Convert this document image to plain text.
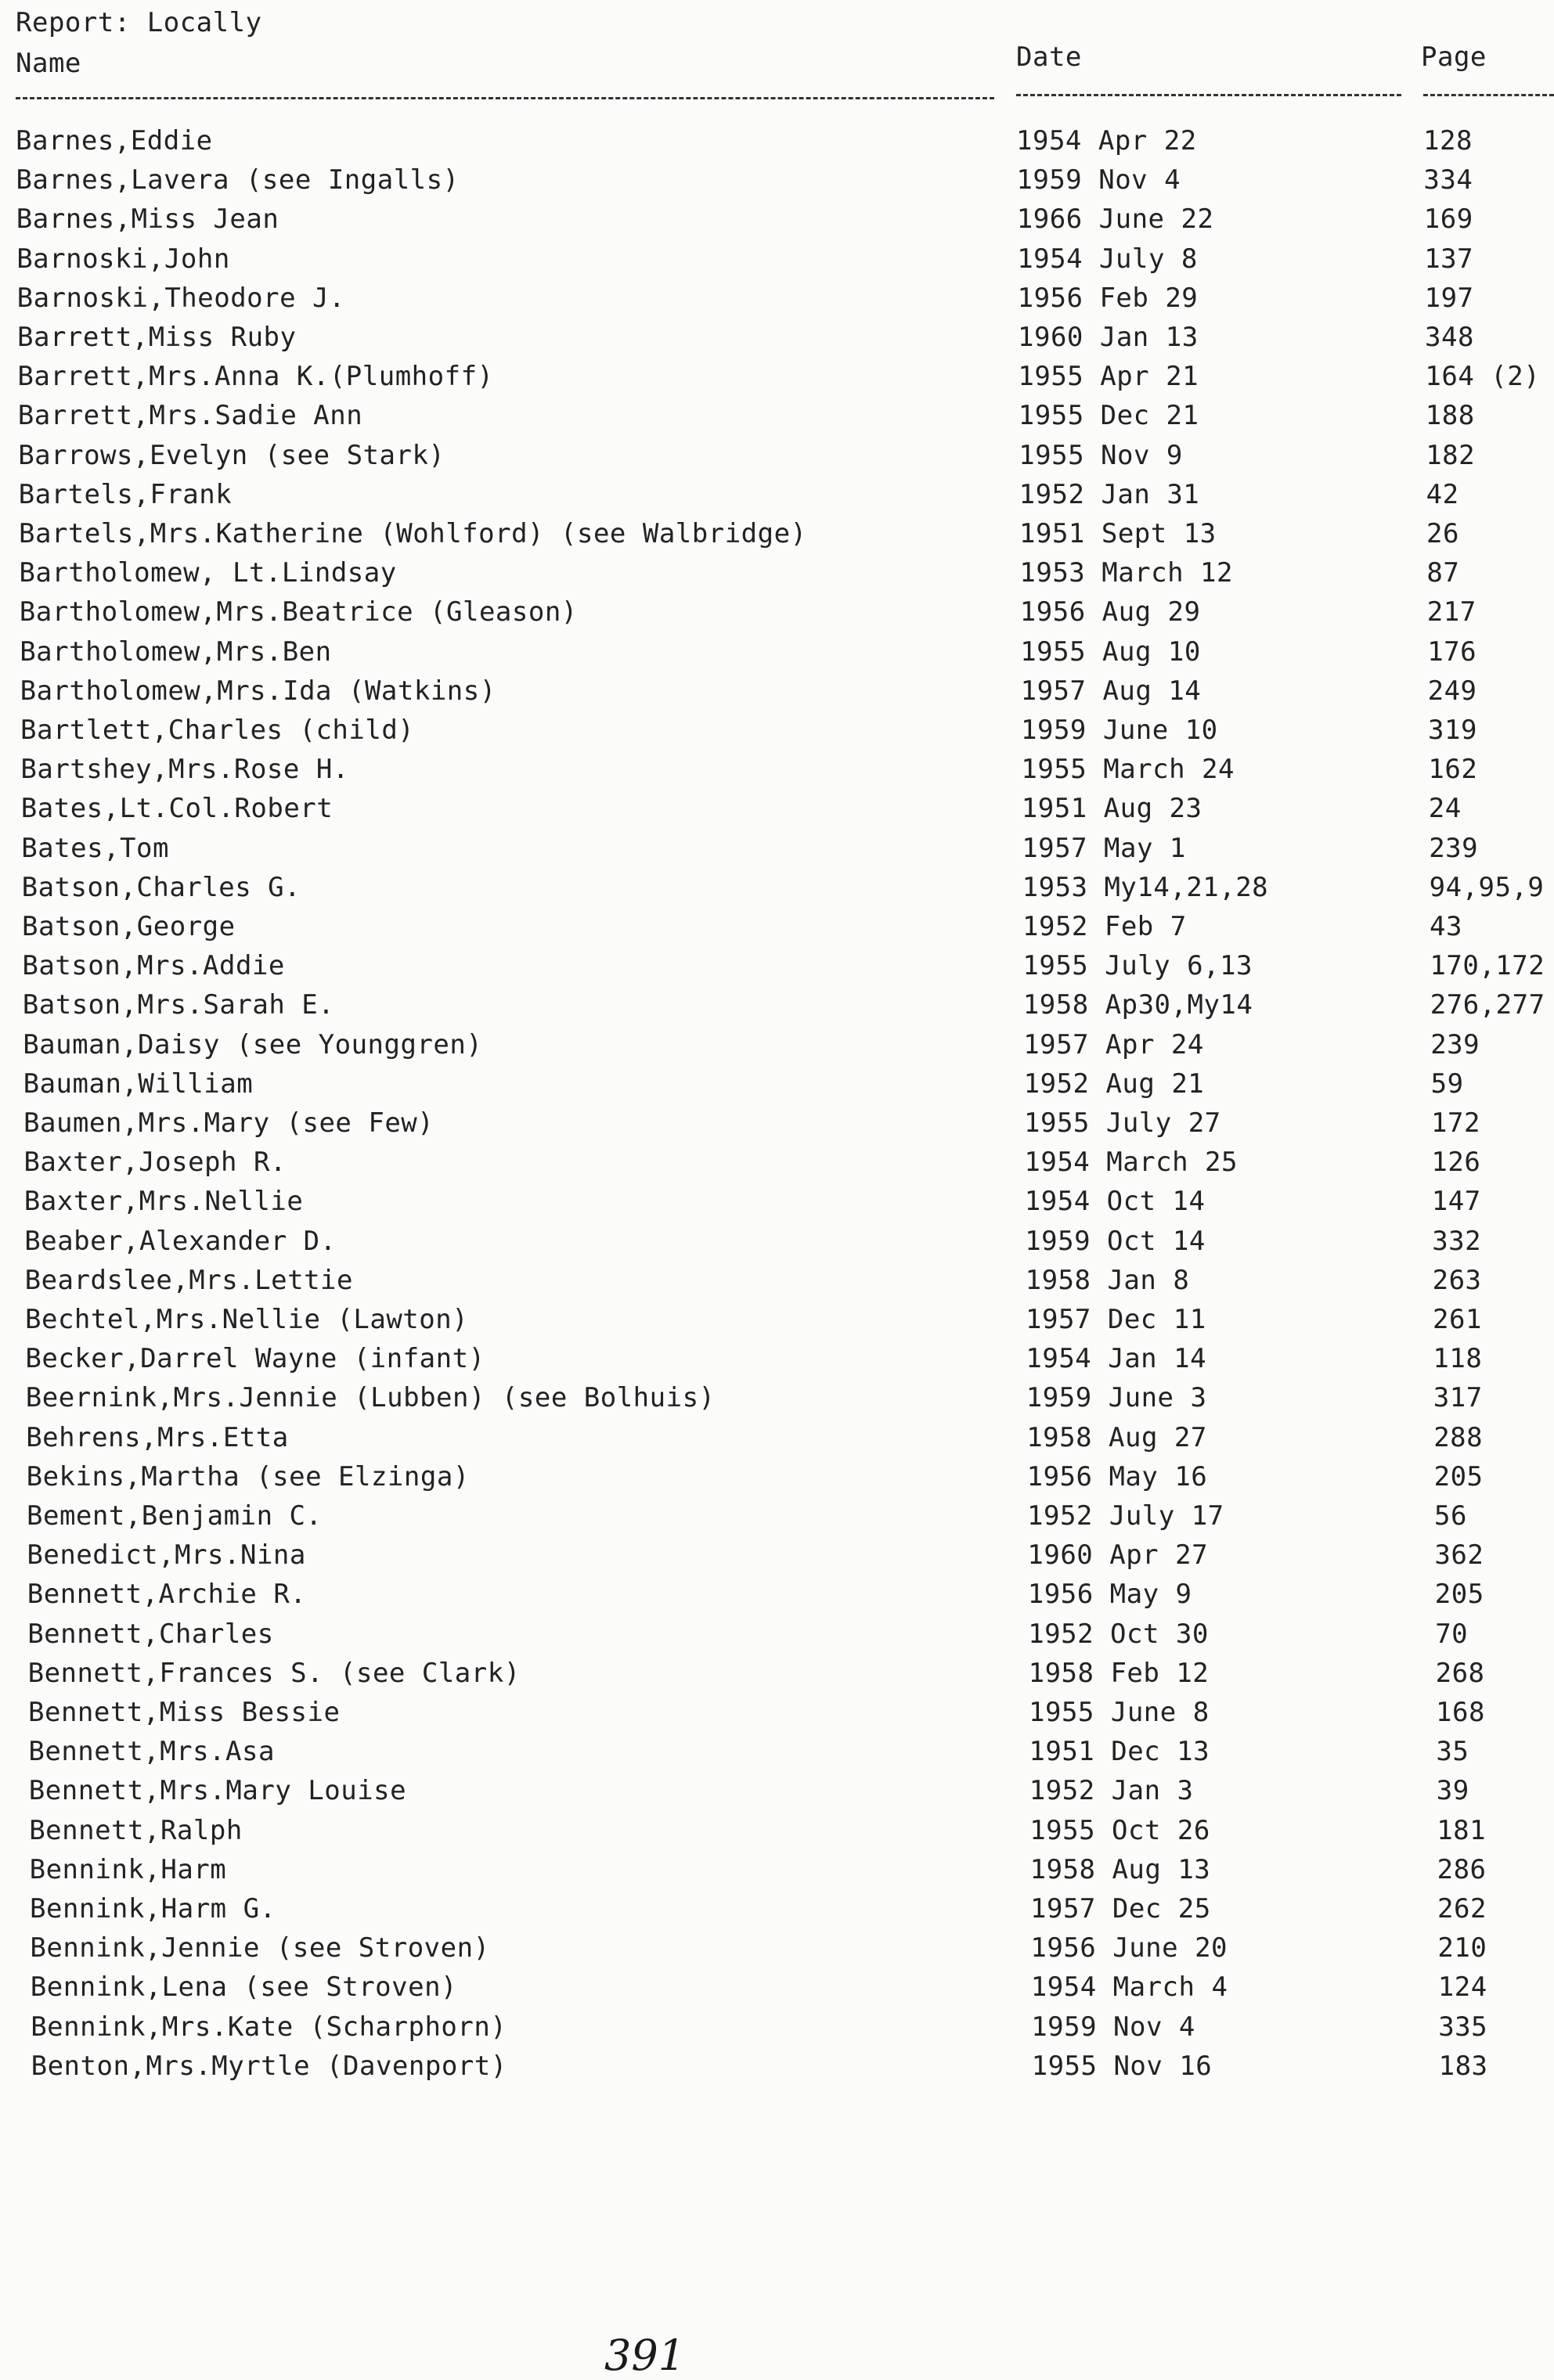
Report: Locally
Name	Date	Page
Barnes,Eddie	1954 Apr 22	128
Barnes,Lavera (see Ingalls)	1959 Nov 4	334
Barnes,Miss Jean	1966 June 22	169
Barnoski,John	1954 July 8	137
Barnoski,Theodore J.	1956 Feb 29	197
Barrett,Miss Ruby	1960 Jan 13	348
Barrett,Mrs.Anna K.(Plumhoff)	1955 Apr 21	164 (2)
Barrett,Mrs.Sadie Ann	1955 Dec 21	188
Barrows,Evelyn (see Stark)	1955 Nov 9	182
Bartels,Frank	1952 Jan 31	42
Bartels,Mrs.Katherine (Wohlford) (see Walbridge)	1951 Sept 13	26
Bartholomew, Lt.Lindsay	1953 March 12	87
Bartholomew,Mrs.Beatrice (Gleason)	1956 Aug 29	217
Bartholomew,Mrs.Ben	1955 Aug 10	176
Bartholomew,Mrs.Ida (Watkins)	1957 Aug 14	249
Bartlett,Charles (child)	1959 June 10	319
Bartshey,Mrs.Rose H.	1955 March 24	162
Bates,Lt.Col.Robert	1951 Aug 23	24
Bates,Tom	1957 May 1	239
Batson,Charles G.	1953 My14,21,28	94,95,9
Batson,George	1952 Feb 7	43
Batson,Mrs.Addie	1955 July 6,13	170,172
Batson,Mrs.Sarah E.	1958 Ap30,My14	276,277
Bauman,Daisy (see Younggren)	1957 Apr 24	239
Bauman,William	1952 Aug 21	59
Baumen,Mrs.Mary (see Few)	1955 July 27	172
Baxter,Joseph R.	1954 March 25	126
Baxter,Mrs.Nellie	1954 Oct 14	147
Beaber,Alexander D.	1959 Oct 14	332
Beardslee,Mrs.Lettie	1958 Jan 8	263
Bechtel,Mrs.Nellie (Lawton)	1957 Dec 11	261
Becker,Darrel Wayne (infant)	1954 Jan 14	118
Beernink,Mrs.Jennie (Lubben) (see Bolhuis)	1959 June 3	317
Behrens,Mrs.Etta	1958 Aug 27	288
Bekins,Martha (see Elzinga)	1956 May 16	205
Bement,Benjamin C.	1952 July 17	56
Benedict,Mrs.Nina	1960 Apr 27	362
Bennett,Archie R.	1956 May 9	205
Bennett,Charles	1952 Oct 30	70
Bennett,Frances S. (see Clark)	1958 Feb 12	268
Bennett,Miss Bessie	1955 June 8	168
Bennett,Mrs.Asa	1951 Dec 13	35
Bennett,Mrs.Mary Louise	1952 Jan 3	39
Bennett,Ralph	1955 Oct 26	181
Bennink,Harm	1958 Aug 13	286
Bennink,Harm G.	1957 Dec 25	262
Bennink,Jennie (see Stroven)	1956 June 20	210
Bennink,Lena (see Stroven)	1954 March 4	124
Bennink,Mrs.Kate (Scharphorn)	1959 Nov 4	335
Benton,Mrs.Myrtle (Davenport)	1955 Nov 16	183
391
